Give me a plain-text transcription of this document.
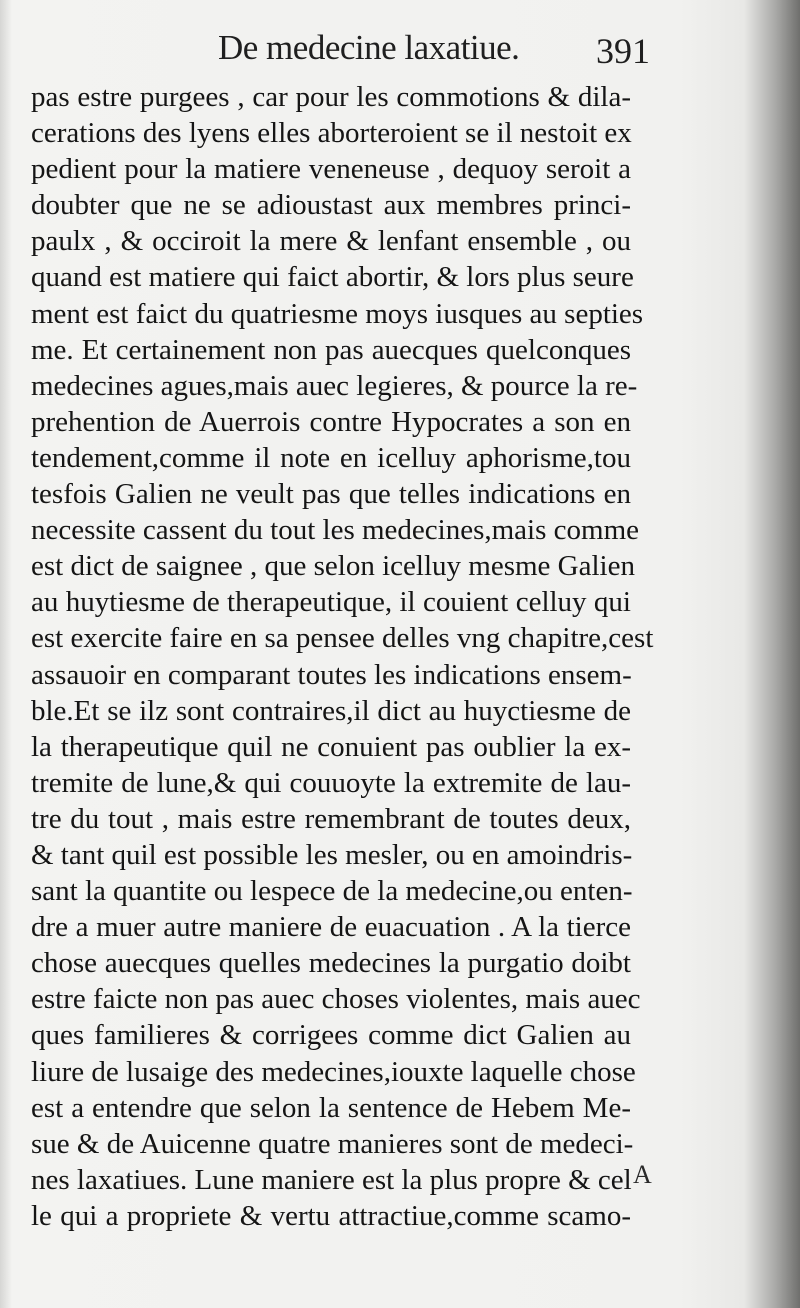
De medecine laxatiue. 391
pas estre purgees , car pour les commotions & dila-
cerations des lyens elles aborteroient se il nestoit ex
pedient pour la matiere veneneuse , dequoy seroit a
doubter que ne se adioustast aux membres princi-
paulx , & occiroit la mere & lenfant ensemble , ou
quand est matiere qui faict abortir, & lors plus seure
ment est faict du quatriesme moys iusques au septies
me. Et certainement non pas auecques quelconques
medecines agues,mais auec legieres, & pource la re-
prehention de Auerrois contre Hypocrates a son en
tendement,comme il note en icelluy aphorisme,tou
tesfois Galien ne veult pas que telles indications en
necessite cassent du tout les medecines,mais comme
est dict de saignee , que selon icelluy mesme Galien
au huytiesme de therapeutique, il couient celluy qui
est exercite faire en sa pensee delles vng chapitre,cest
assauoir en comparant toutes les indications ensem-
ble.Et se ilz sont contraires,il dict au huyctiesme de
la therapeutique quil ne conuient pas oublier la ex-
tremite de lune,& qui couuoyte la extremite de lau-
tre du tout , mais estre remembrant de toutes deux,
& tant quil est possible les mesler, ou en amoindris-
sant la quantite ou lespece de la medecine,ou enten-
dre a muer autre maniere de euacuation . A la tierce
chose auecques quelles medecines la purgatio doibt
estre faicte non pas auec choses violentes, mais auec
ques familieres & corrigees comme dict Galien au
liure de lusaige des medecines,iouxte laquelle chose
est a entendre que selon la sentence de Hebem Me-
sue & de Auicenne quatre manieres sont de medeci-
nes laxatiues. Lune maniere est la plus propre & cel
le qui a propriete & vertu attractiue,comme scamo-
A
